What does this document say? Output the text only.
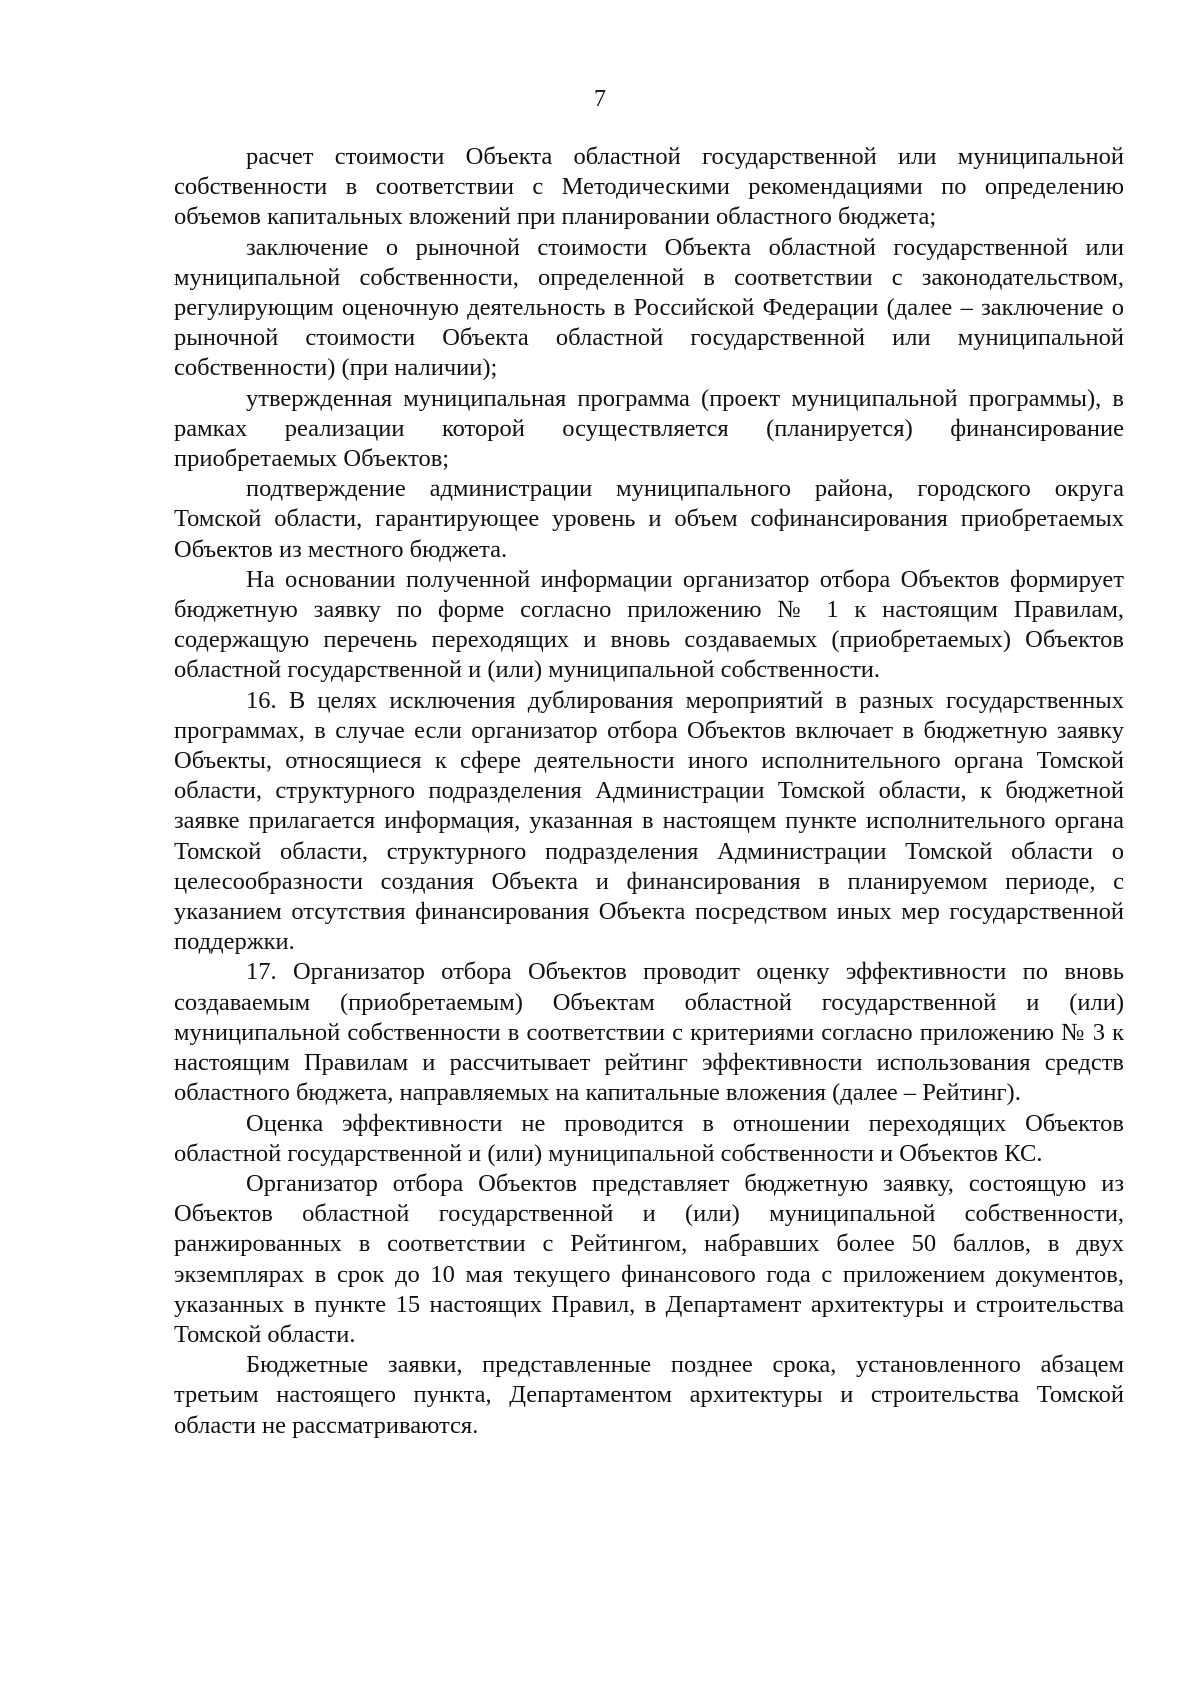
7

расчет стоимости Объекта областной государственной или муниципальной собственности в соответствии с Методическими рекомендациями по определению объемов капитальных вложений при планировании областного бюджета;

заключение о рыночной стоимости Объекта областной государственной или муниципальной собственности, определенной в соответствии с законодательством, регулирующим оценочную деятельность в Российской Федерации (далее – заключение о рыночной стоимости Объекта областной государственной или муниципальной собственности) (при наличии);

утвержденная муниципальная программа (проект муниципальной программы), в рамках реализации которой осуществляется (планируется) финансирование приобретаемых Объектов;

подтверждение администрации муниципального района, городского округа Томской области, гарантирующее уровень и объем софинансирования приобретаемых Объектов из местного бюджета.

На основании полученной информации организатор отбора Объектов формирует бюджетную заявку по форме согласно приложению № 1 к настоящим Правилам, содержащую перечень переходящих и вновь создаваемых (приобретаемых) Объектов областной государственной и (или) муниципальной собственности.

16. В целях исключения дублирования мероприятий в разных государственных программах, в случае если организатор отбора Объектов включает в бюджетную заявку Объекты, относящиеся к сфере деятельности иного исполнительного органа Томской области, структурного подразделения Администрации Томской области, к бюджетной заявке прилагается информация, указанная в настоящем пункте исполнительного органа Томской области, структурного подразделения Администрации Томской области о целесообразности создания Объекта и финансирования в планируемом периоде, с указанием отсутствия финансирования Объекта посредством иных мер государственной поддержки.

17. Организатор отбора Объектов проводит оценку эффективности по вновь создаваемым (приобретаемым) Объектам областной государственной и (или) муниципальной собственности в соответствии с критериями согласно приложению № 3 к настоящим Правилам и рассчитывает рейтинг эффективности использования средств областного бюджета, направляемых на капитальные вложения (далее – Рейтинг).

Оценка эффективности не проводится в отношении переходящих Объектов областной государственной и (или) муниципальной собственности и Объектов КС.

Организатор отбора Объектов представляет бюджетную заявку, состоящую из Объектов областной государственной и (или) муниципальной собственности, ранжированных в соответствии с Рейтингом, набравших более 50 баллов, в двух экземплярах в срок до 10 мая текущего финансового года с приложением документов, указанных в пункте 15 настоящих Правил, в Департамент архитектуры и строительства Томской области.

Бюджетные заявки, представленные позднее срока, установленного абзацем третьим настоящего пункта, Департаментом архитектуры и строительства Томской области не рассматриваются.
